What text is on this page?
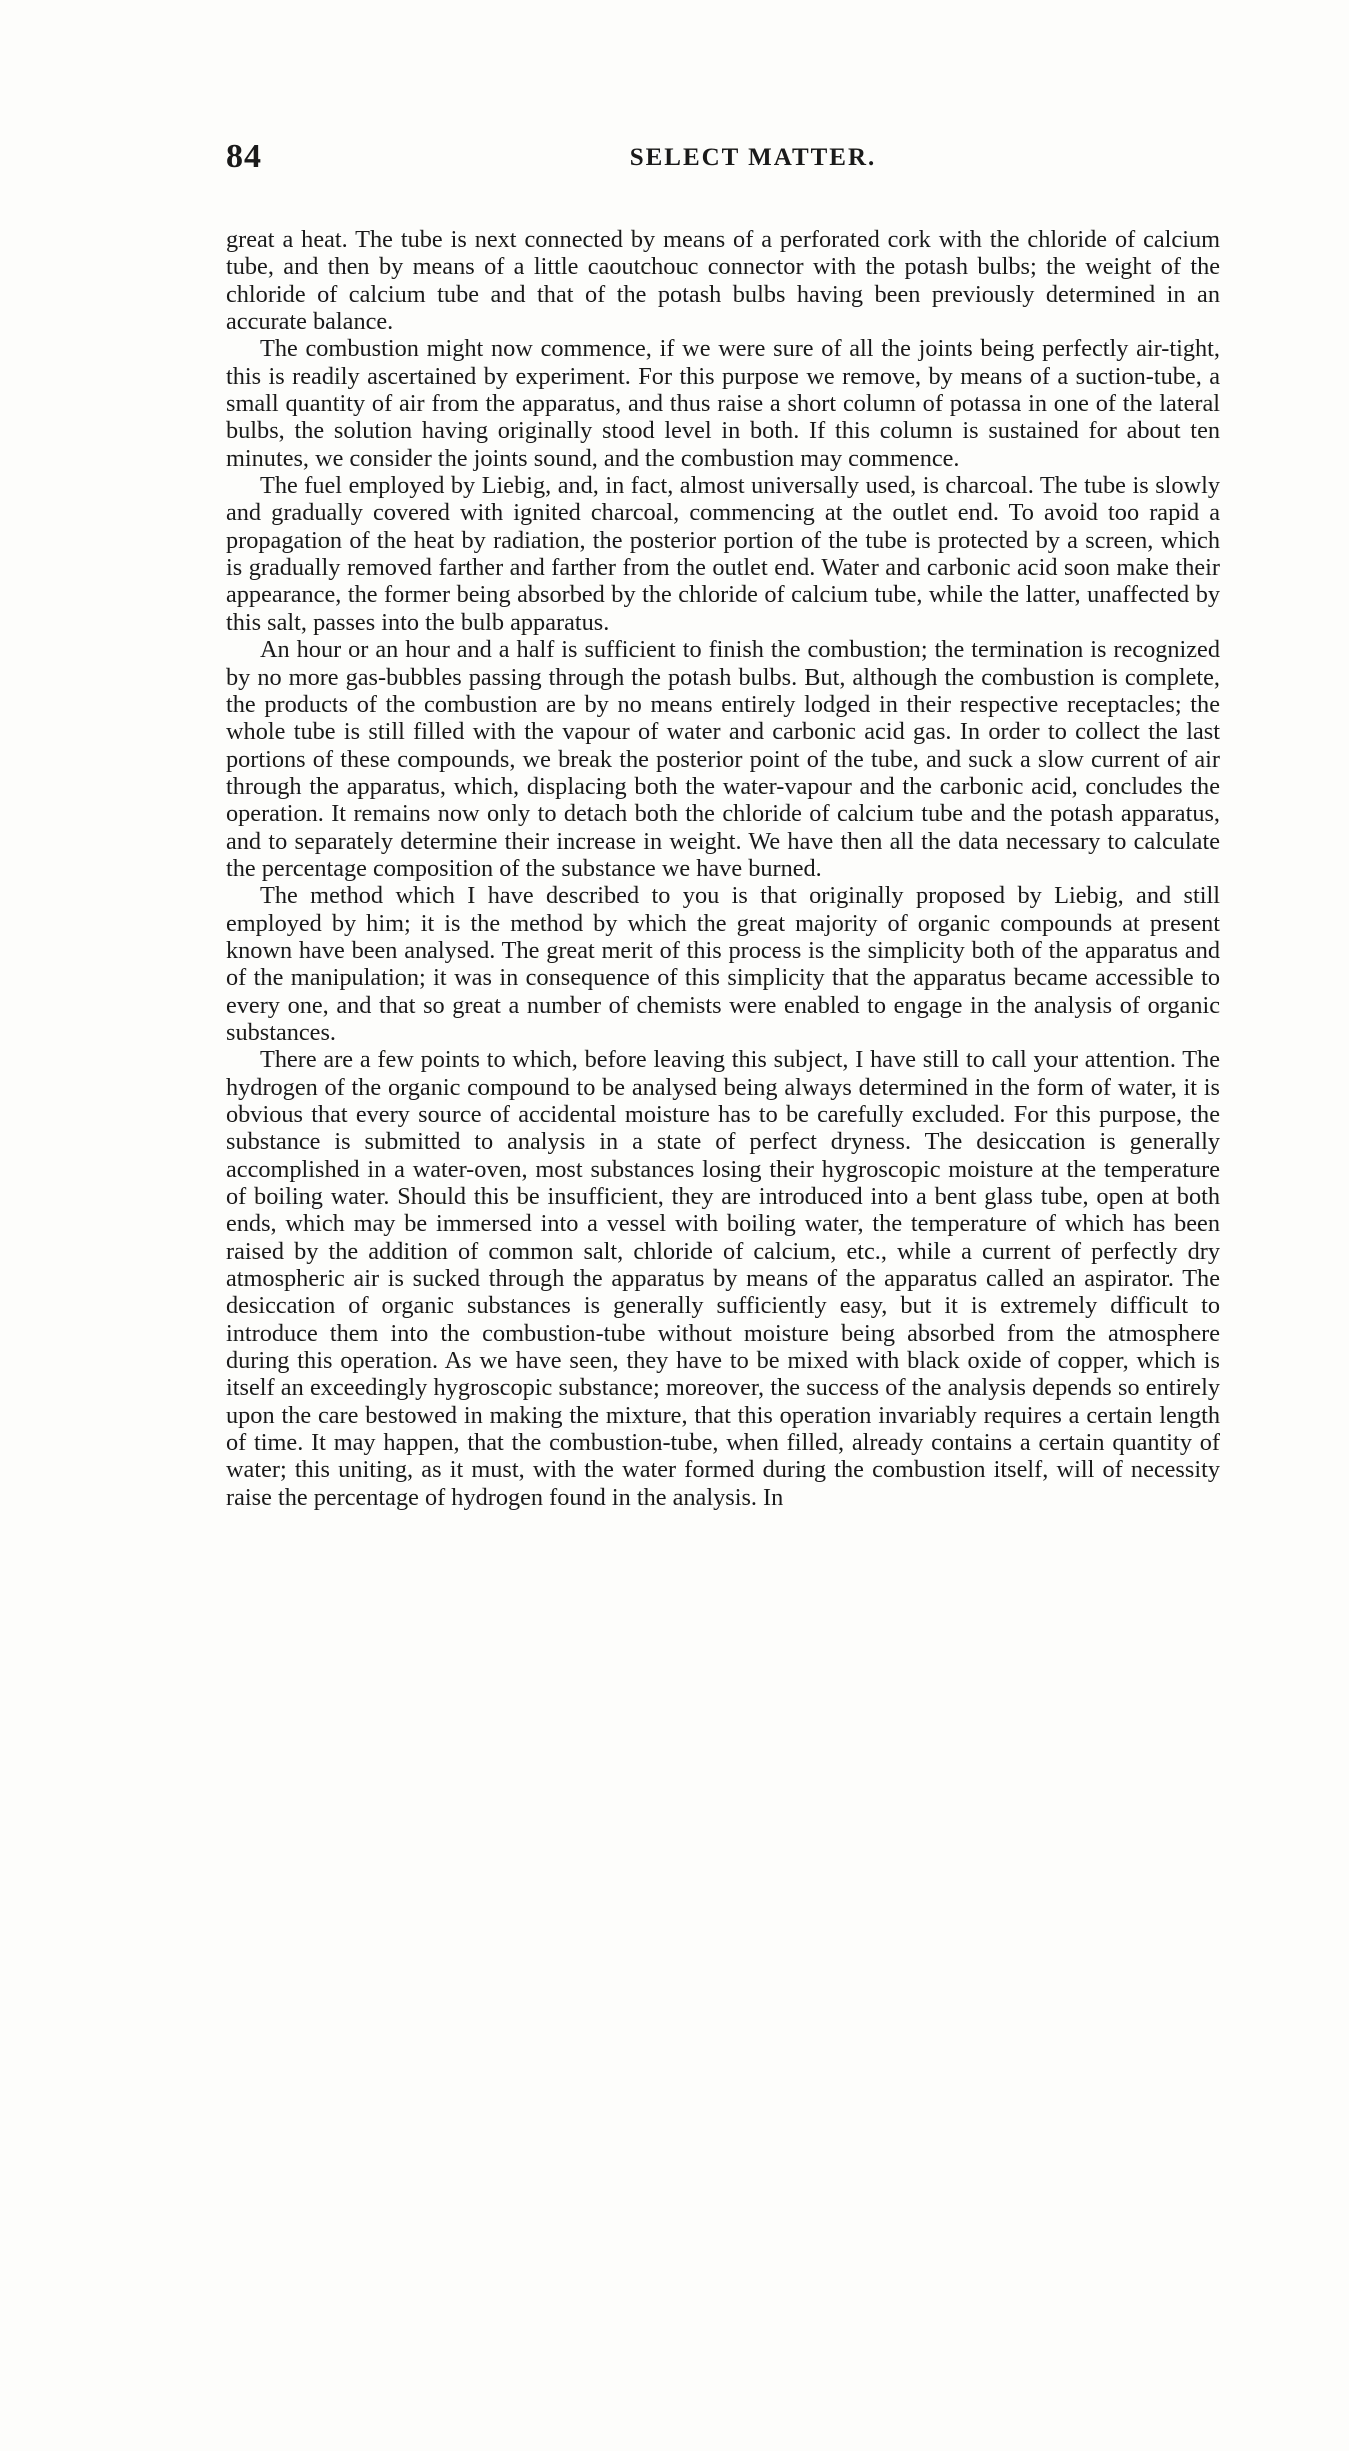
84	SELECT MATTER.

great a heat. The tube is next connected by means of a perforated cork with the chloride of calcium tube, and then by means of a little caoutchouc connector with the potash bulbs; the weight of the chloride of calcium tube and that of the potash bulbs having been previously determined in an accurate balance.

The combustion might now commence, if we were sure of all the joints being perfectly air-tight, this is readily ascertained by experiment. For this purpose we remove, by means of a suction-tube, a small quantity of air from the apparatus, and thus raise a short column of potassa in one of the lateral bulbs, the solution having originally stood level in both. If this column is sustained for about ten minutes, we consider the joints sound, and the combustion may commence.

The fuel employed by Liebig, and, in fact, almost universally used, is charcoal. The tube is slowly and gradually covered with ignited charcoal, commencing at the outlet end. To avoid too rapid a propagation of the heat by radiation, the posterior portion of the tube is protected by a screen, which is gradually removed farther and farther from the outlet end. Water and carbonic acid soon make their appearance, the former being absorbed by the chloride of calcium tube, while the latter, unaffected by this salt, passes into the bulb apparatus.

An hour or an hour and a half is sufficient to finish the combustion; the termination is recognized by no more gas-bubbles passing through the potash bulbs. But, although the combustion is complete, the products of the combustion are by no means entirely lodged in their respective receptacles; the whole tube is still filled with the vapour of water and carbonic acid gas. In order to collect the last portions of these compounds, we break the posterior point of the tube, and suck a slow current of air through the apparatus, which, displacing both the water-vapour and the carbonic acid, concludes the operation. It remains now only to detach both the chloride of calcium tube and the potash apparatus, and to separately determine their increase in weight. We have then all the data necessary to calculate the percentage composition of the substance we have burned.

The method which I have described to you is that originally proposed by Liebig, and still employed by him; it is the method by which the great majority of organic compounds at present known have been analysed. The great merit of this process is the simplicity both of the apparatus and of the manipulation; it was in consequence of this simplicity that the apparatus became accessible to every one, and that so great a number of chemists were enabled to engage in the analysis of organic substances.

There are a few points to which, before leaving this subject, I have still to call your attention. The hydrogen of the organic compound to be analysed being always determined in the form of water, it is obvious that every source of accidental moisture has to be carefully excluded. For this purpose, the substance is submitted to analysis in a state of perfect dryness. The desiccation is generally accomplished in a water-oven, most substances losing their hygroscopic moisture at the temperature of boiling water. Should this be insufficient, they are introduced into a bent glass tube, open at both ends, which may be immersed into a vessel with boiling water, the temperature of which has been raised by the addition of common salt, chloride of calcium, etc., while a current of perfectly dry atmospheric air is sucked through the apparatus by means of the apparatus called an aspirator. The desiccation of organic substances is generally sufficiently easy, but it is extremely difficult to introduce them into the combustion-tube without moisture being absorbed from the atmosphere during this operation. As we have seen, they have to be mixed with black oxide of copper, which is itself an exceedingly hygroscopic substance; moreover, the success of the analysis depends so entirely upon the care bestowed in making the mixture, that this operation invariably requires a certain length of time. It may happen, that the combustion-tube, when filled, already contains a certain quantity of water; this uniting, as it must, with the water formed during the combustion itself, will of necessity raise the percentage of hydrogen found in the analysis. In
